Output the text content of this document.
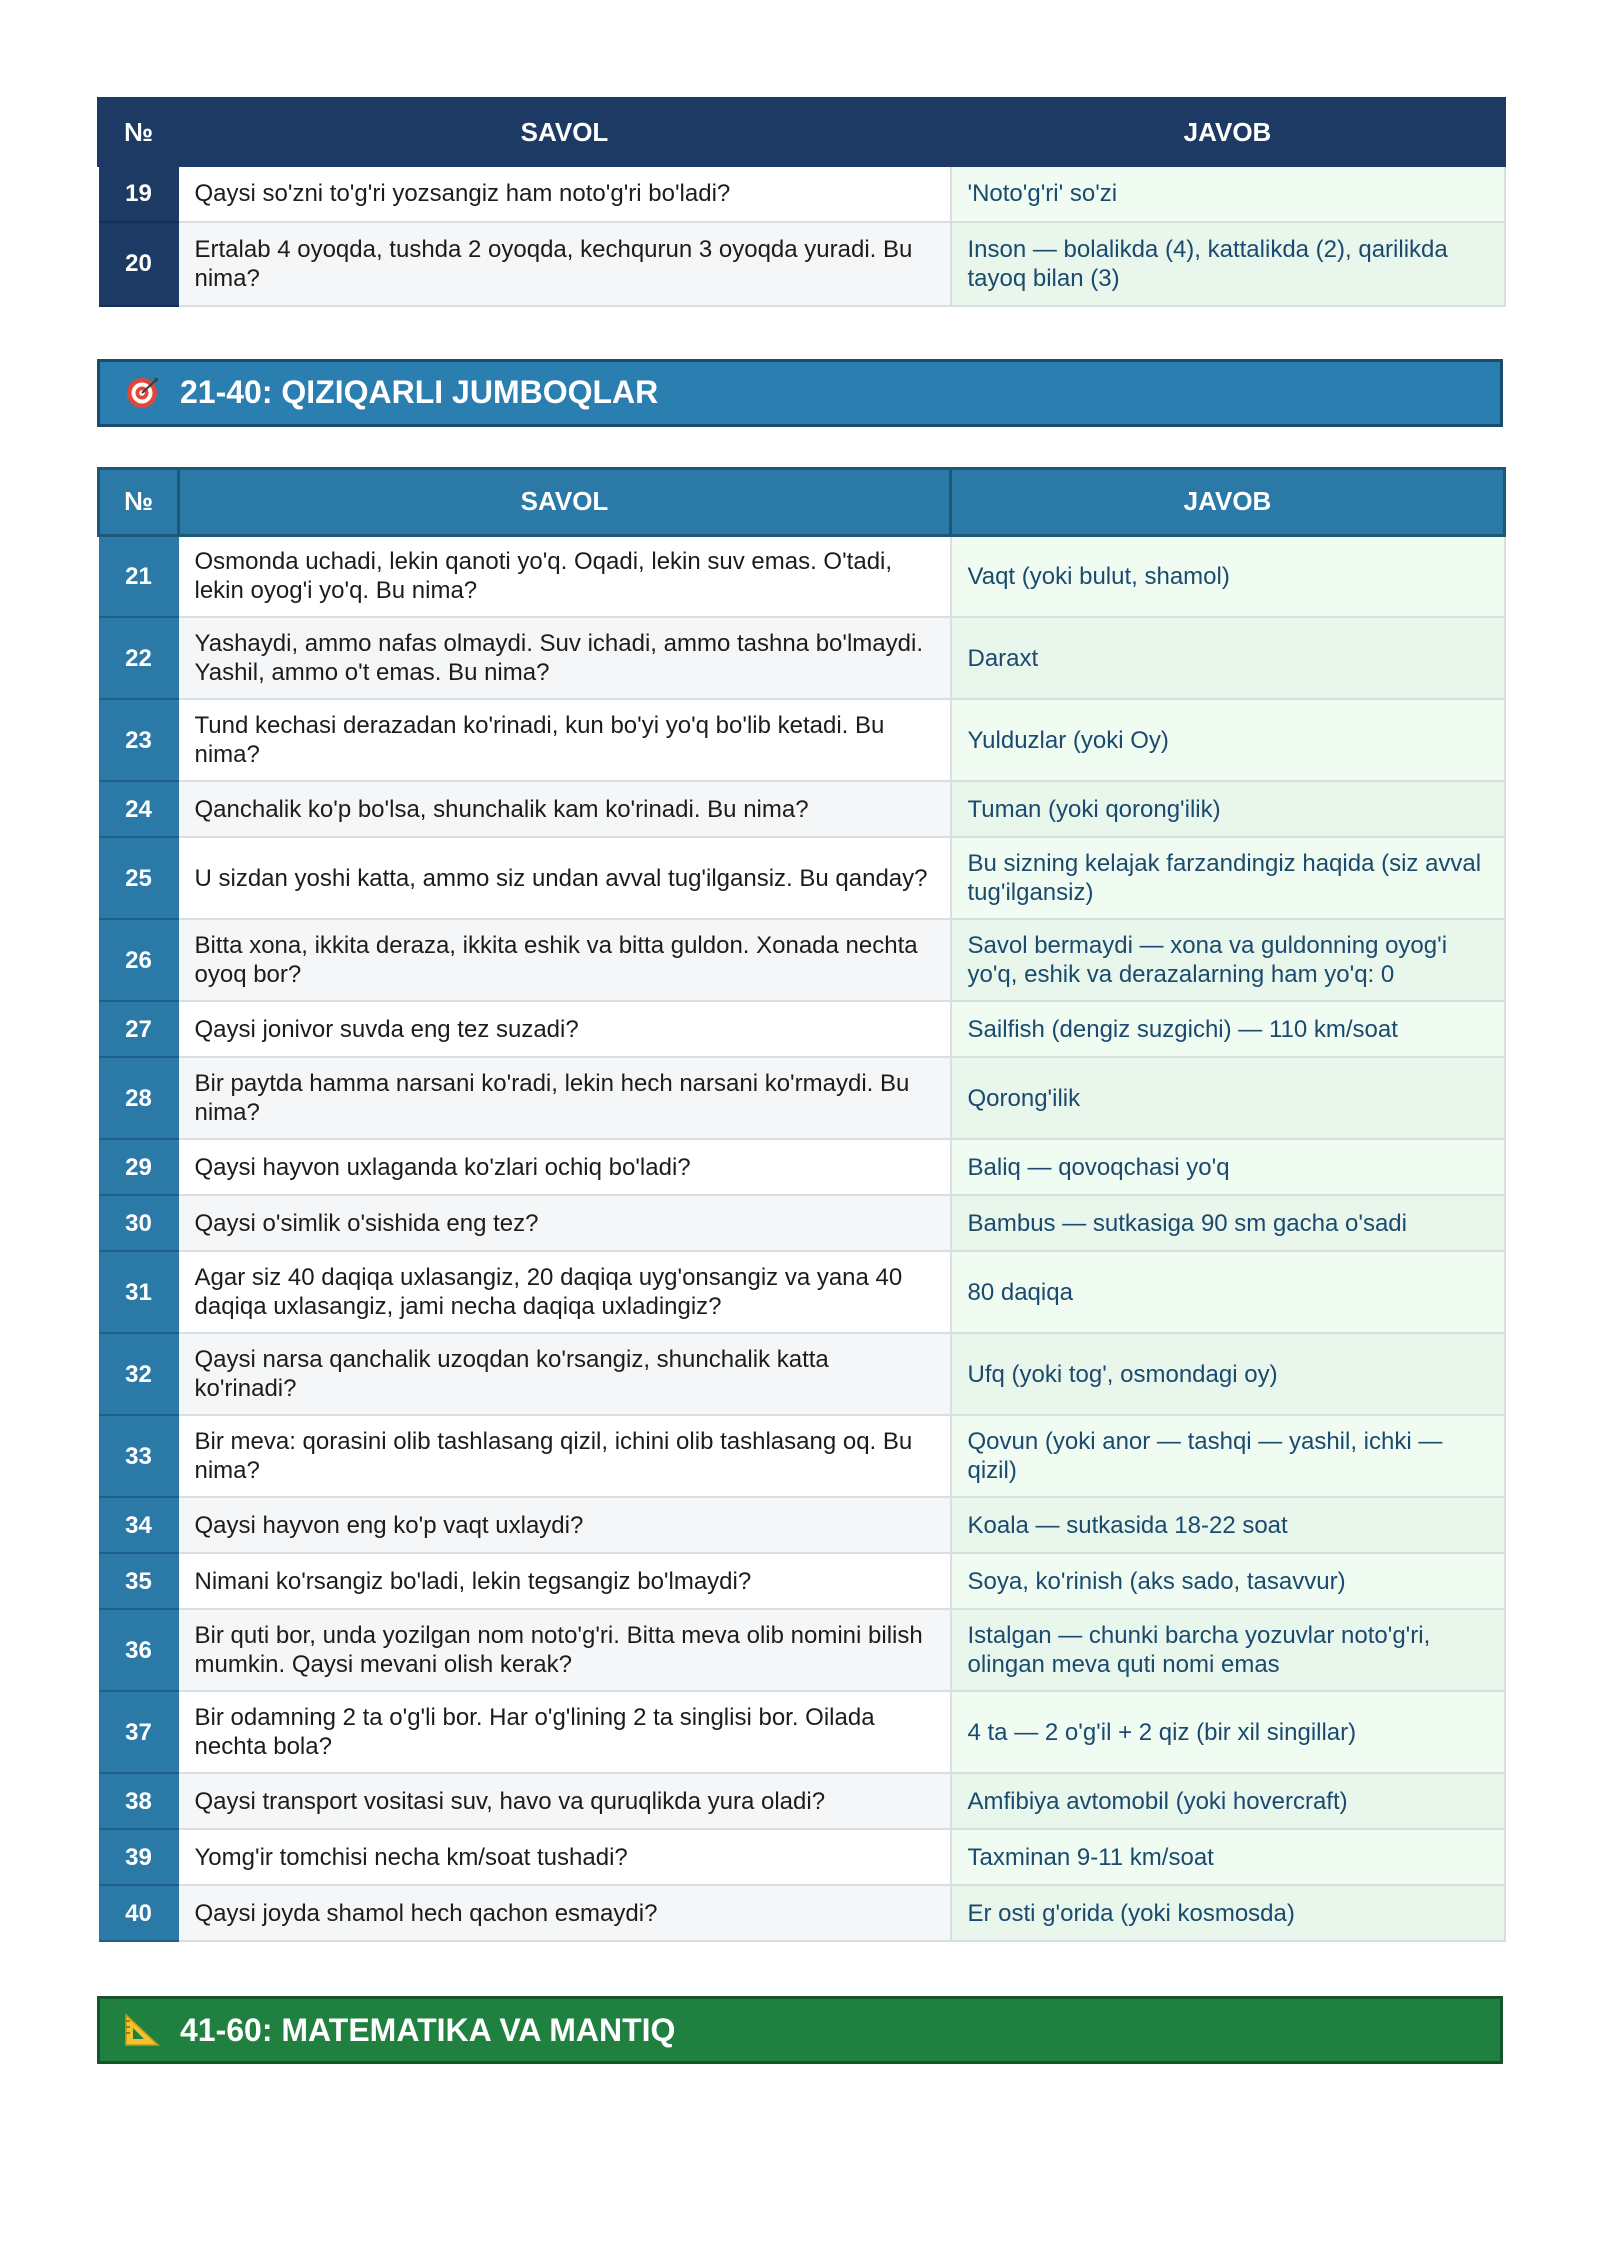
№	SAVOL	JAVOB
19	Qaysi so'zni to'g'ri yozsangiz ham noto'g'ri bo'ladi?	'Noto'g'ri' so'zi
20	Ertalab 4 oyoqda, tushda 2 oyoqda, kechqurun 3 oyoqda yuradi. Bu nima?	Inson — bolalikda (4), kattalikda (2), qarilikda tayoq bilan (3)
21-40: QIZIQARLI JUMBOQLAR
№	SAVOL	JAVOB
21	Osmonda uchadi, lekin qanoti yo'q. Oqadi, lekin suv emas. O'tadi, lekin oyog'i yo'q. Bu nima?	Vaqt (yoki bulut, shamol)
22	Yashaydi, ammo nafas olmaydi. Suv ichadi, ammo tashna bo'lmaydi. Yashil, ammo o't emas. Bu nima?	Daraxt
23	Tund kechasi derazadan ko'rinadi, kun bo'yi yo'q bo'lib ketadi. Bu nima?	Yulduzlar (yoki Oy)
24	Qanchalik ko'p bo'lsa, shunchalik kam ko'rinadi. Bu nima?	Tuman (yoki qorong'ilik)
25	U sizdan yoshi katta, ammo siz undan avval tug'ilgansiz. Bu qanday?	Bu sizning kelajak farzandingiz haqida (siz avval tug'ilgansiz)
26	Bitta xona, ikkita deraza, ikkita eshik va bitta guldon. Xonada nechta oyoq bor?	Savol bermaydi — xona va guldonning oyog'i yo'q, eshik va derazalarning ham yo'q: 0
27	Qaysi jonivor suvda eng tez suzadi?	Sailfish (dengiz suzgichi) — 110 km/soat
28	Bir paytda hamma narsani ko'radi, lekin hech narsani ko'rmaydi. Bu nima?	Qorong'ilik
29	Qaysi hayvon uxlaganda ko'zlari ochiq bo'ladi?	Baliq — qovoqchasi yo'q
30	Qaysi o'simlik o'sishida eng tez?	Bambus — sutkasiga 90 sm gacha o'sadi
31	Agar siz 40 daqiqa uxlasangiz, 20 daqiqa uyg'onsangiz va yana 40 daqiqa uxlasangiz, jami necha daqiqa uxladingiz?	80 daqiqa
32	Qaysi narsa qanchalik uzoqdan ko'rsangiz, shunchalik katta ko'rinadi?	Ufq (yoki tog', osmondagi oy)
33	Bir meva: qorasini olib tashlasang qizil, ichini olib tashlasang oq. Bu nima?	Qovun (yoki anor — tashqi — yashil, ichki — qizil)
34	Qaysi hayvon eng ko'p vaqt uxlaydi?	Koala — sutkasida 18-22 soat
35	Nimani ko'rsangiz bo'ladi, lekin tegsangiz bo'lmaydi?	Soya, ko'rinish (aks sado, tasavvur)
36	Bir quti bor, unda yozilgan nom noto'g'ri. Bitta meva olib nomini bilish mumkin. Qaysi mevani olish kerak?	Istalgan — chunki barcha yozuvlar noto'g'ri, olingan meva quti nomi emas
37	Bir odamning 2 ta o'g'li bor. Har o'g'lining 2 ta singlisi bor. Oilada nechta bola?	4 ta — 2 o'g'il + 2 qiz (bir xil singillar)
38	Qaysi transport vositasi suv, havo va quruqlikda yura oladi?	Amfibiya avtomobil (yoki hovercraft)
39	Yomg'ir tomchisi necha km/soat tushadi?	Taxminan 9-11 km/soat
40	Qaysi joyda shamol hech qachon esmaydi?	Er osti g'orida (yoki kosmosda)
41-60: MATEMATIKA VA MANTIQ
